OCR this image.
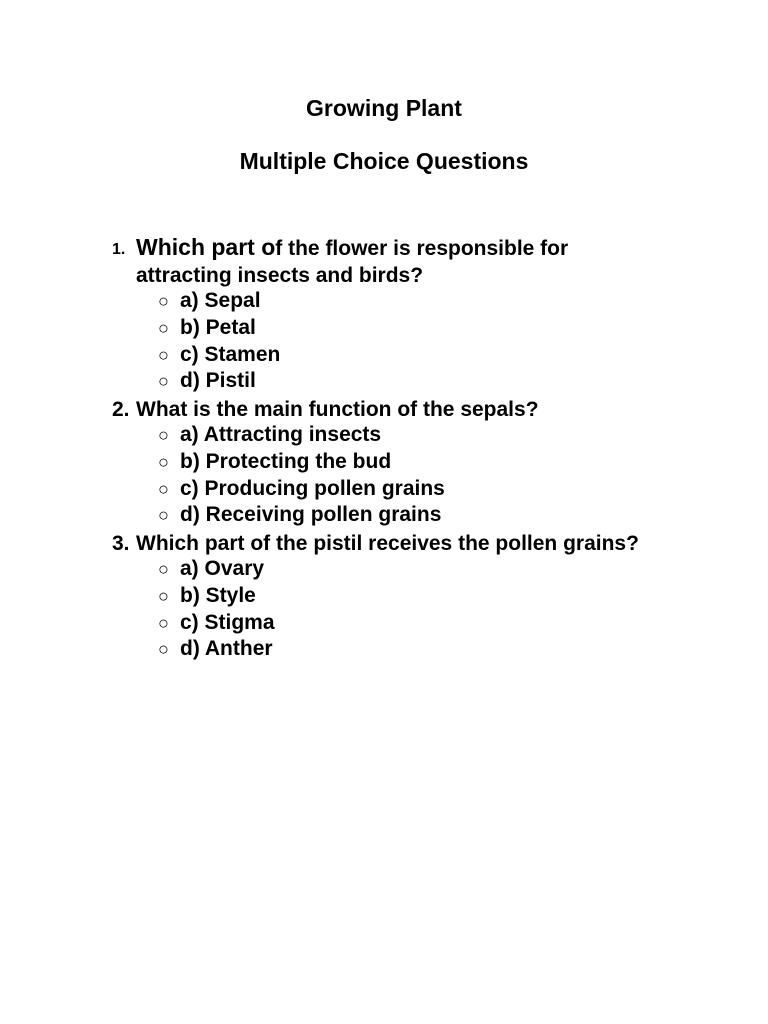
Growing Plant
Multiple Choice Questions
1. Which part of the flower is responsible for
attracting insects and birds?
○ a) Sepal
○ b) Petal
○ c) Stamen
○ d) Pistil
2. What is the main function of the sepals?
○ a) Attracting insects
○ b) Protecting the bud
○ c) Producing pollen grains
○ d) Receiving pollen grains
3. Which part of the pistil receives the pollen grains?
○ a) Ovary
○ b) Style
○ c) Stigma
○ d) Anther
